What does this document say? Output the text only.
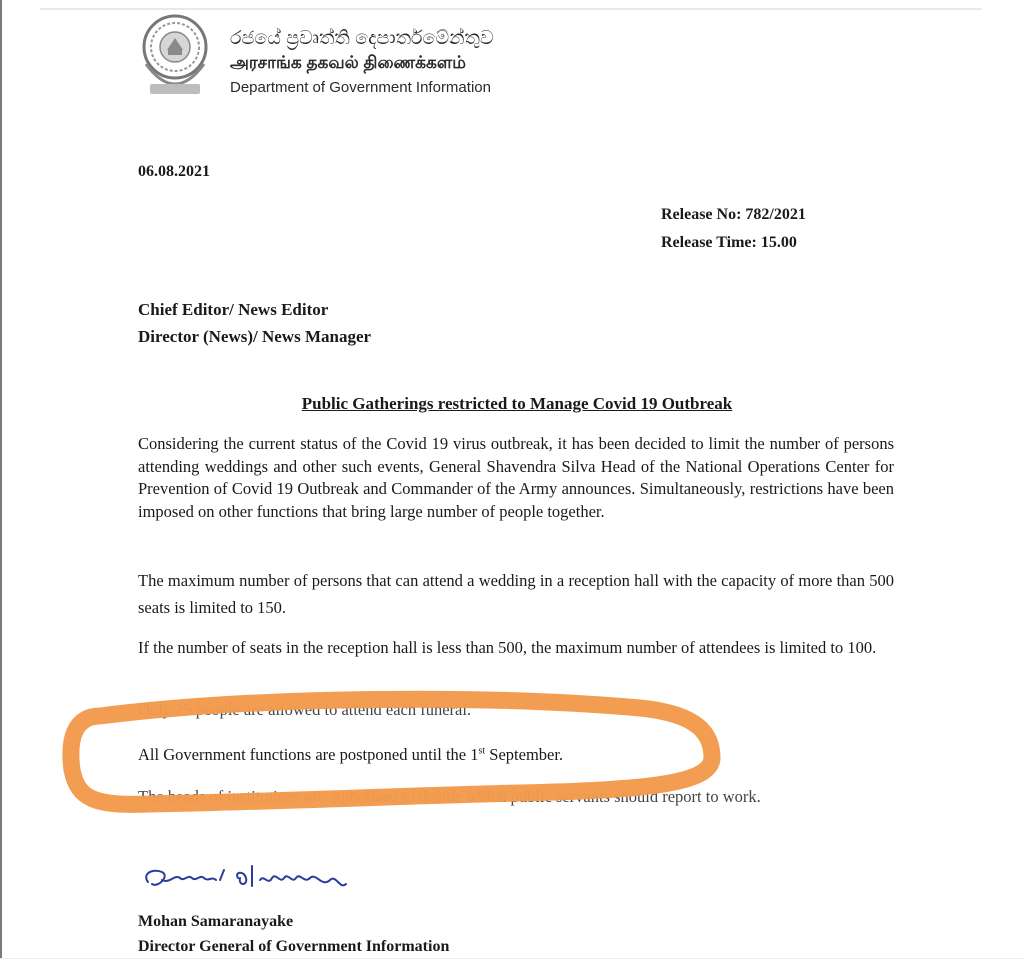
රජයේ ප්‍රවෘත්ති දෙපාර්තමේන්තුව
அரசாங்க தகவல் திணைக்களம்
Department of Government Information
06.08.2021
Release No: 782/2021
Release Time: 15.00
Chief Editor/ News Editor
Director (News)/ News Manager
Public Gatherings restricted to Manage Covid 19 Outbreak
Considering the current status of the Covid 19 virus outbreak, it has been decided to limit the number of persons attending weddings and other such events, General Shavendra Silva Head of the National Operations Center for Prevention of Covid 19 Outbreak and Commander of the Army announces. Simultaneously, restrictions have been imposed on other functions that bring large number of people together.
The maximum number of persons that can attend a wedding in a reception hall with the capacity of more than 500 seats is limited to 150.
If the number of seats in the reception hall is less than 500, the maximum number of attendees is limited to 100.
Only 25 people are allowed to attend each funeral.
All Government functions are postponed until the 1st September.
The heads of institutions are authorised to decide which public servants should report to work.
Mohan Samaranayake
Director General of Government Information
